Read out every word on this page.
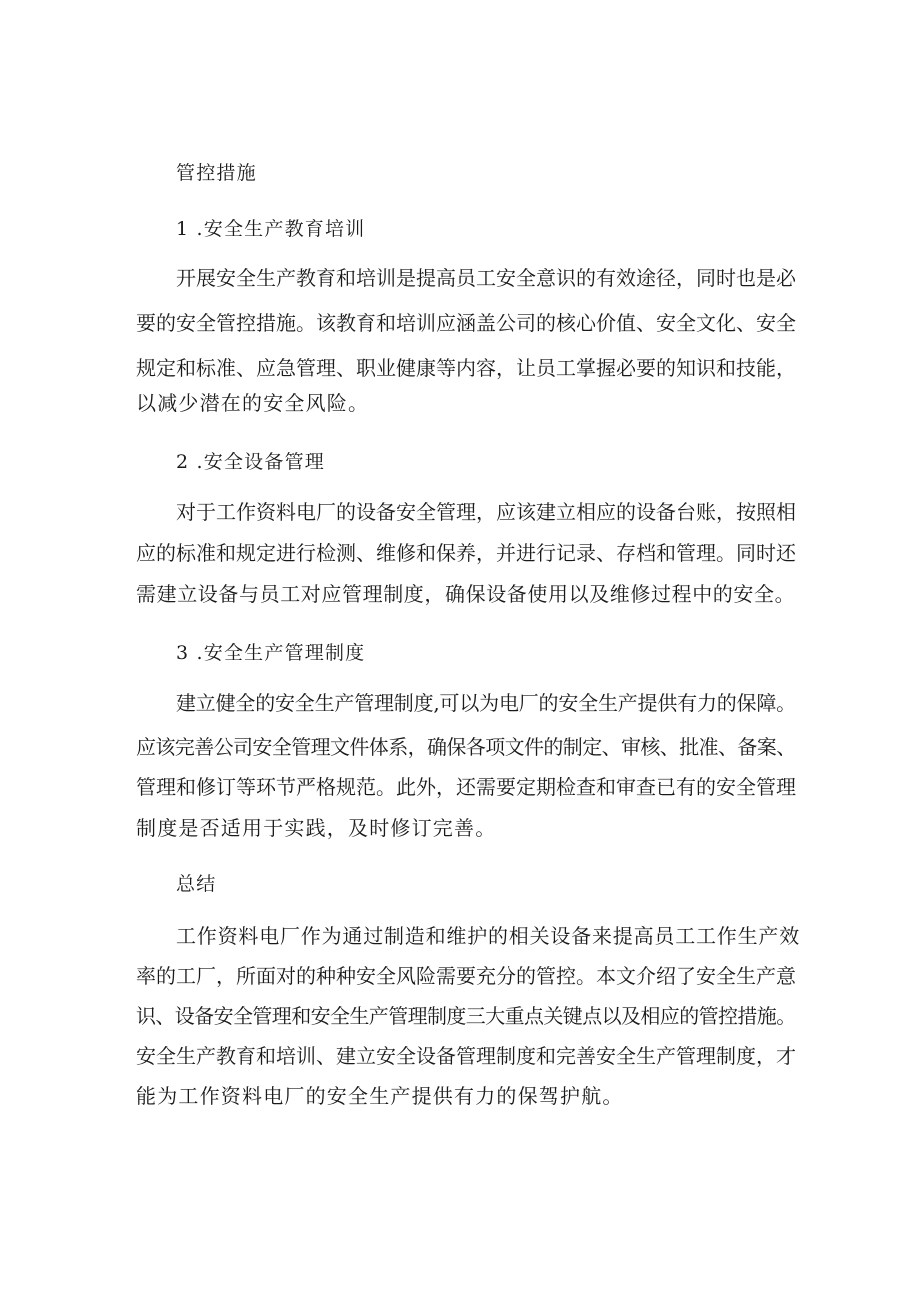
管控措施
1 .安全生产教育培训
开展安全生产教育和培训是提高员工安全意识的有效途径，同时也是必
要的安全管控措施。该教育和培训应涵盖公司的核心价值、安全文化、安全
规定和标准、应急管理、职业健康等内容，让员工掌握必要的知识和技能，
以减少潜在的安全风险。
2 .安全设备管理
对于工作资料电厂的设备安全管理，应该建立相应的设备台账，按照相
应的标准和规定进行检测、维修和保养，并进行记录、存档和管理。同时还
需建立设备与员工对应管理制度，确保设备使用以及维修过程中的安全。
3 .安全生产管理制度
建立健全的安全生产管理制度,可以为电厂的安全生产提供有力的保障。
应该完善公司安全管理文件体系，确保各项文件的制定、审核、批准、备案、
管理和修订等环节严格规范。此外，还需要定期检查和审查已有的安全管理
制度是否适用于实践，及时修订完善。
总结
工作资料电厂作为通过制造和维护的相关设备来提高员工工作生产效
率的工厂，所面对的种种安全风险需要充分的管控。本文介绍了安全生产意
识、设备安全管理和安全生产管理制度三大重点关键点以及相应的管控措施。
安全生产教育和培训、建立安全设备管理制度和完善安全生产管理制度，才
能为工作资料电厂的安全生产提供有力的保驾护航。
